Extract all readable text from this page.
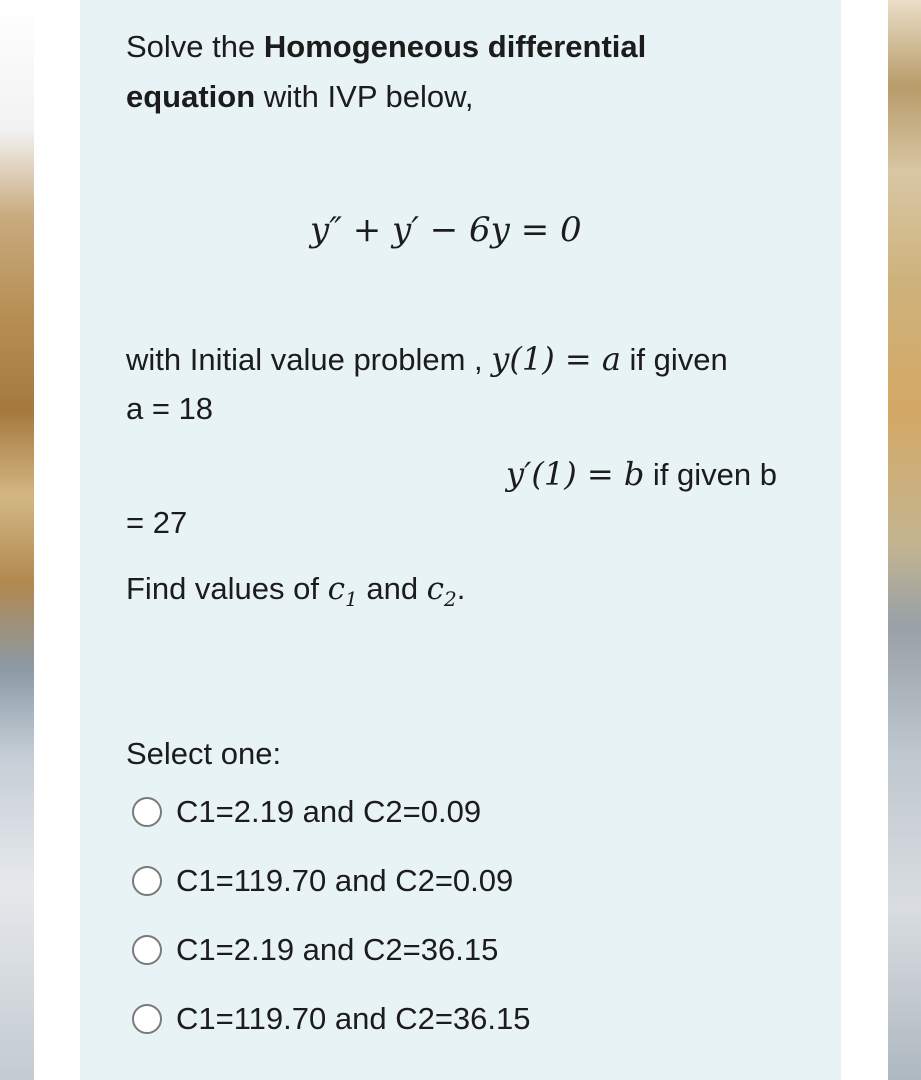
Solve the Homogeneous differential

equation with IVP below,

y″ + y′ − 6y = 0

with Initial value problem , y(1) = a if given

a = 18

y′(1) = b if given b

= 27

Find values of $c_1$ and $c_2$.

Select one:

C1=2.19 and C2=0.09
C1=119.70 and C2=0.09
C1=2.19 and C2=36.15
C1=119.70 and C2=36.15
